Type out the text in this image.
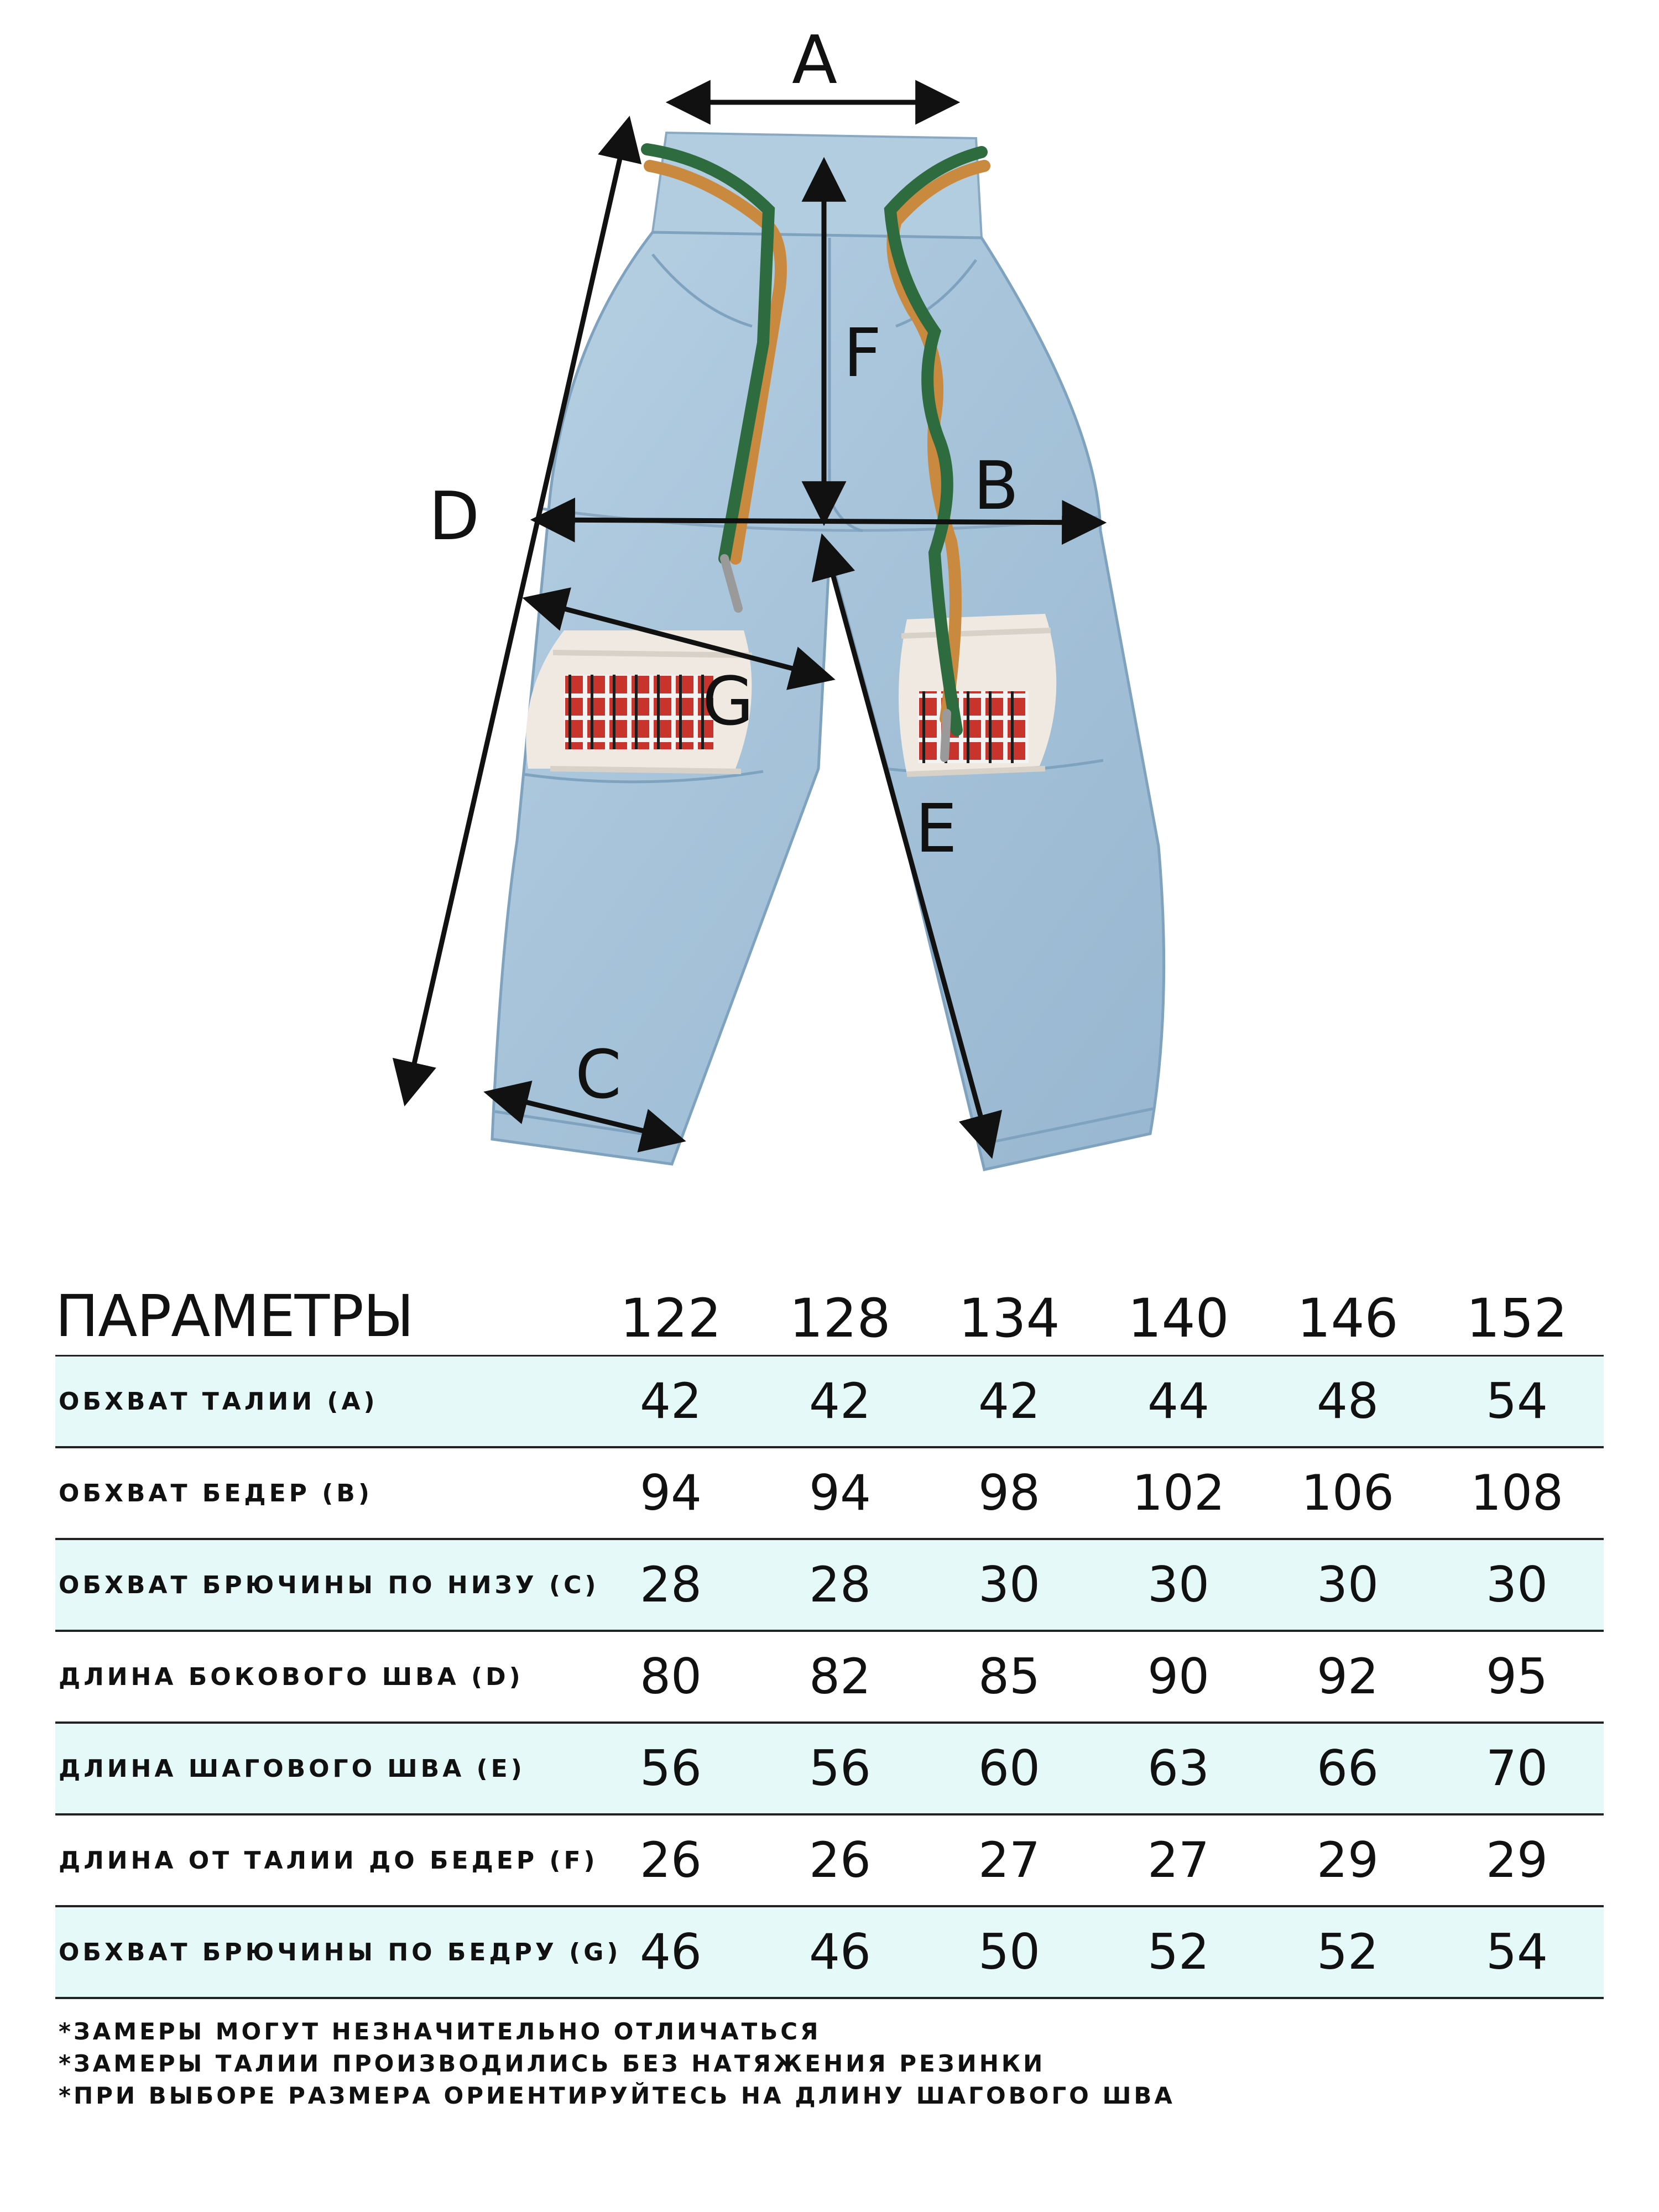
A
B
C
D
E
F
G
ПАРАМЕТРЫ	122	128	134	140	146	152
ОБХВАТ ТАЛИИ (А)	42	42	42	44	48	54
ОБХВАТ БЕДЕР (В)	94	94	98	102	106	108
ОБХВАТ БРЮЧИНЫ ПО НИЗУ (С) 28	28	30	30	30	30
ДЛИНА БОКОВОГО ШВА (D)	80	82	85	90	92	95
ДЛИНА ШАГОВОГО ШВА (Е)	56	56	60	63	66	70
ДЛИНА ОТ ТАЛИИ ДО БЕДЕР (F) 26	26	27	27	29	29
ОБХВАТ БРЮЧИНЫ ПО БЕДРУ (G) 46	46	50	52	52	54
*ЗАМЕРЫ МОГУТ НЕЗНАЧИТЕЛЬНО ОТЛИЧАТЬСЯ
*ЗАМЕРЫ ТАЛИИ ПРОИЗВОДИЛИСЬ БЕЗ НАТЯЖЕНИЯ РЕЗИНКИ
*ПРИ ВЫБОРЕ РАЗМЕРА ОРИЕНТИРУЙТЕСЬ НА ДЛИНУ ШАГОВОГО ШВА
